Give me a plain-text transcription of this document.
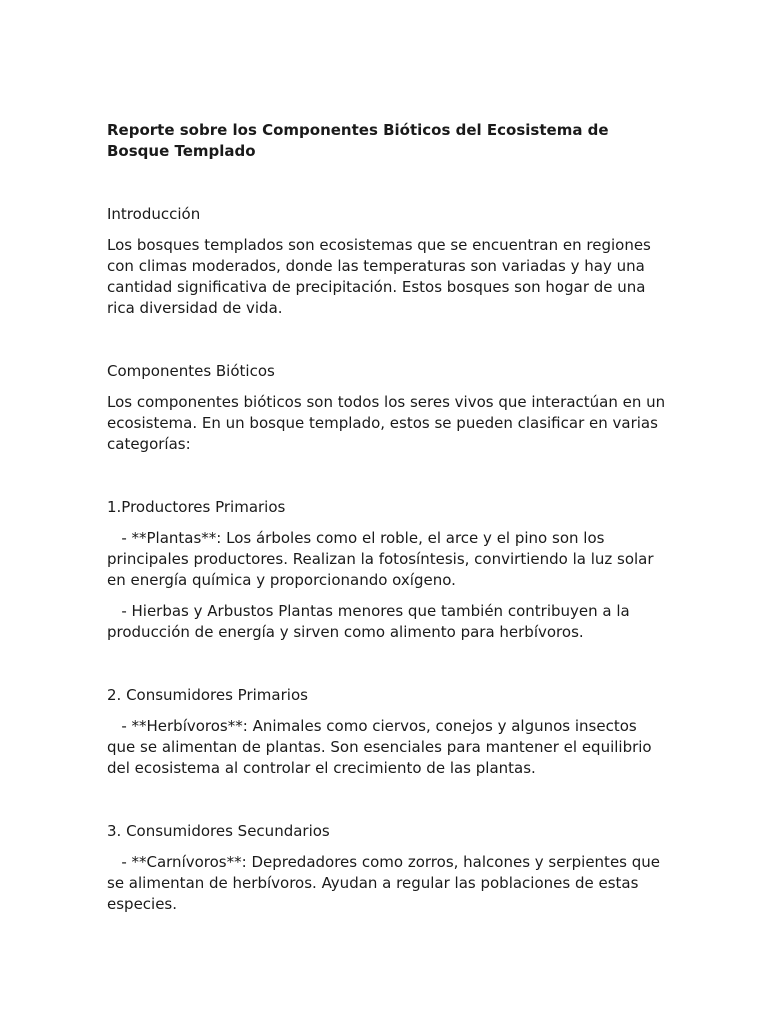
Reporte sobre los Componentes Bióticos del Ecosistema de Bosque Templado
Introducción

Los bosques templados son ecosistemas que se encuentran en regiones con climas moderados, donde las temperaturas son variadas y hay una cantidad significativa de precipitación. Estos bosques son hogar de una rica diversidad de vida.

Componentes Bióticos

Los componentes bióticos son todos los seres vivos que interactúan en un ecosistema. En un bosque templado, estos se pueden clasificar en varias categorías:

1.Productores Primarios

- **Plantas**: Los árboles como el roble, el arce y el pino son los principales productores. Realizan la fotosíntesis, convirtiendo la luz solar en energía química y proporcionando oxígeno.

- Hierbas y Arbustos Plantas menores que también contribuyen a la producción de energía y sirven como alimento para herbívoros.

2. Consumidores Primarios

- **Herbívoros**: Animales como ciervos, conejos y algunos insectos que se alimentan de plantas. Son esenciales para mantener el equilibrio del ecosistema al controlar el crecimiento de las plantas.

3. Consumidores Secundarios

- **Carnívoros**: Depredadores como zorros, halcones y serpientes que se alimentan de herbívoros. Ayudan a regular las poblaciones de estas especies.
